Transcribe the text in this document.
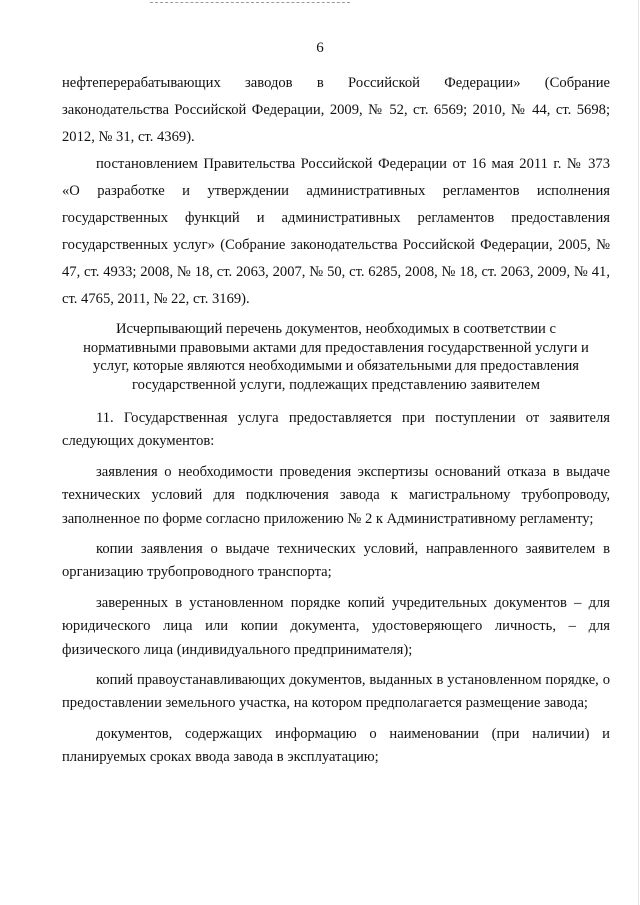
6

нефтеперерабатывающих заводов в Российской Федерации» (Собрание законодательства Российской Федерации, 2009, № 52, ст. 6569; 2010, № 44, ст. 5698; 2012, № 31, ст. 4369).

постановлением Правительства Российской Федерации от 16 мая 2011 г. № 373 «О разработке и утверждении административных регламентов исполнения государственных функций и административных регламентов предоставления государственных услуг» (Собрание законодательства Российской Федерации, 2005, № 47, ст. 4933; 2008, № 18, ст. 2063, 2007, № 50, ст. 6285, 2008, № 18, ст. 2063, 2009, № 41, ст. 4765, 2011, № 22, ст. 3169).

Исчерпывающий перечень документов, необходимых в соответствии с нормативными правовыми актами для предоставления государственной услуги и услуг, которые являются необходимыми и обязательными для предоставления государственной услуги, подлежащих представлению заявителем

11. Государственная услуга предоставляется при поступлении от заявителя следующих документов:

заявления о необходимости проведения экспертизы оснований отказа в выдаче технических условий для подключения завода к магистральному трубопроводу, заполненное по форме согласно приложению № 2 к Административному регламенту;

копии заявления о выдаче технических условий, направленного заявителем в организацию трубопроводного транспорта;

заверенных в установленном порядке копий учредительных документов – для юридического лица или копии документа, удостоверяющего личность, – для физического лица (индивидуального предпринимателя);

копий правоустанавливающих документов, выданных в установленном порядке, о предоставлении земельного участка, на котором предполагается размещение завода;

документов, содержащих информацию о наименовании (при наличии) и планируемых сроках ввода завода в эксплуатацию;
